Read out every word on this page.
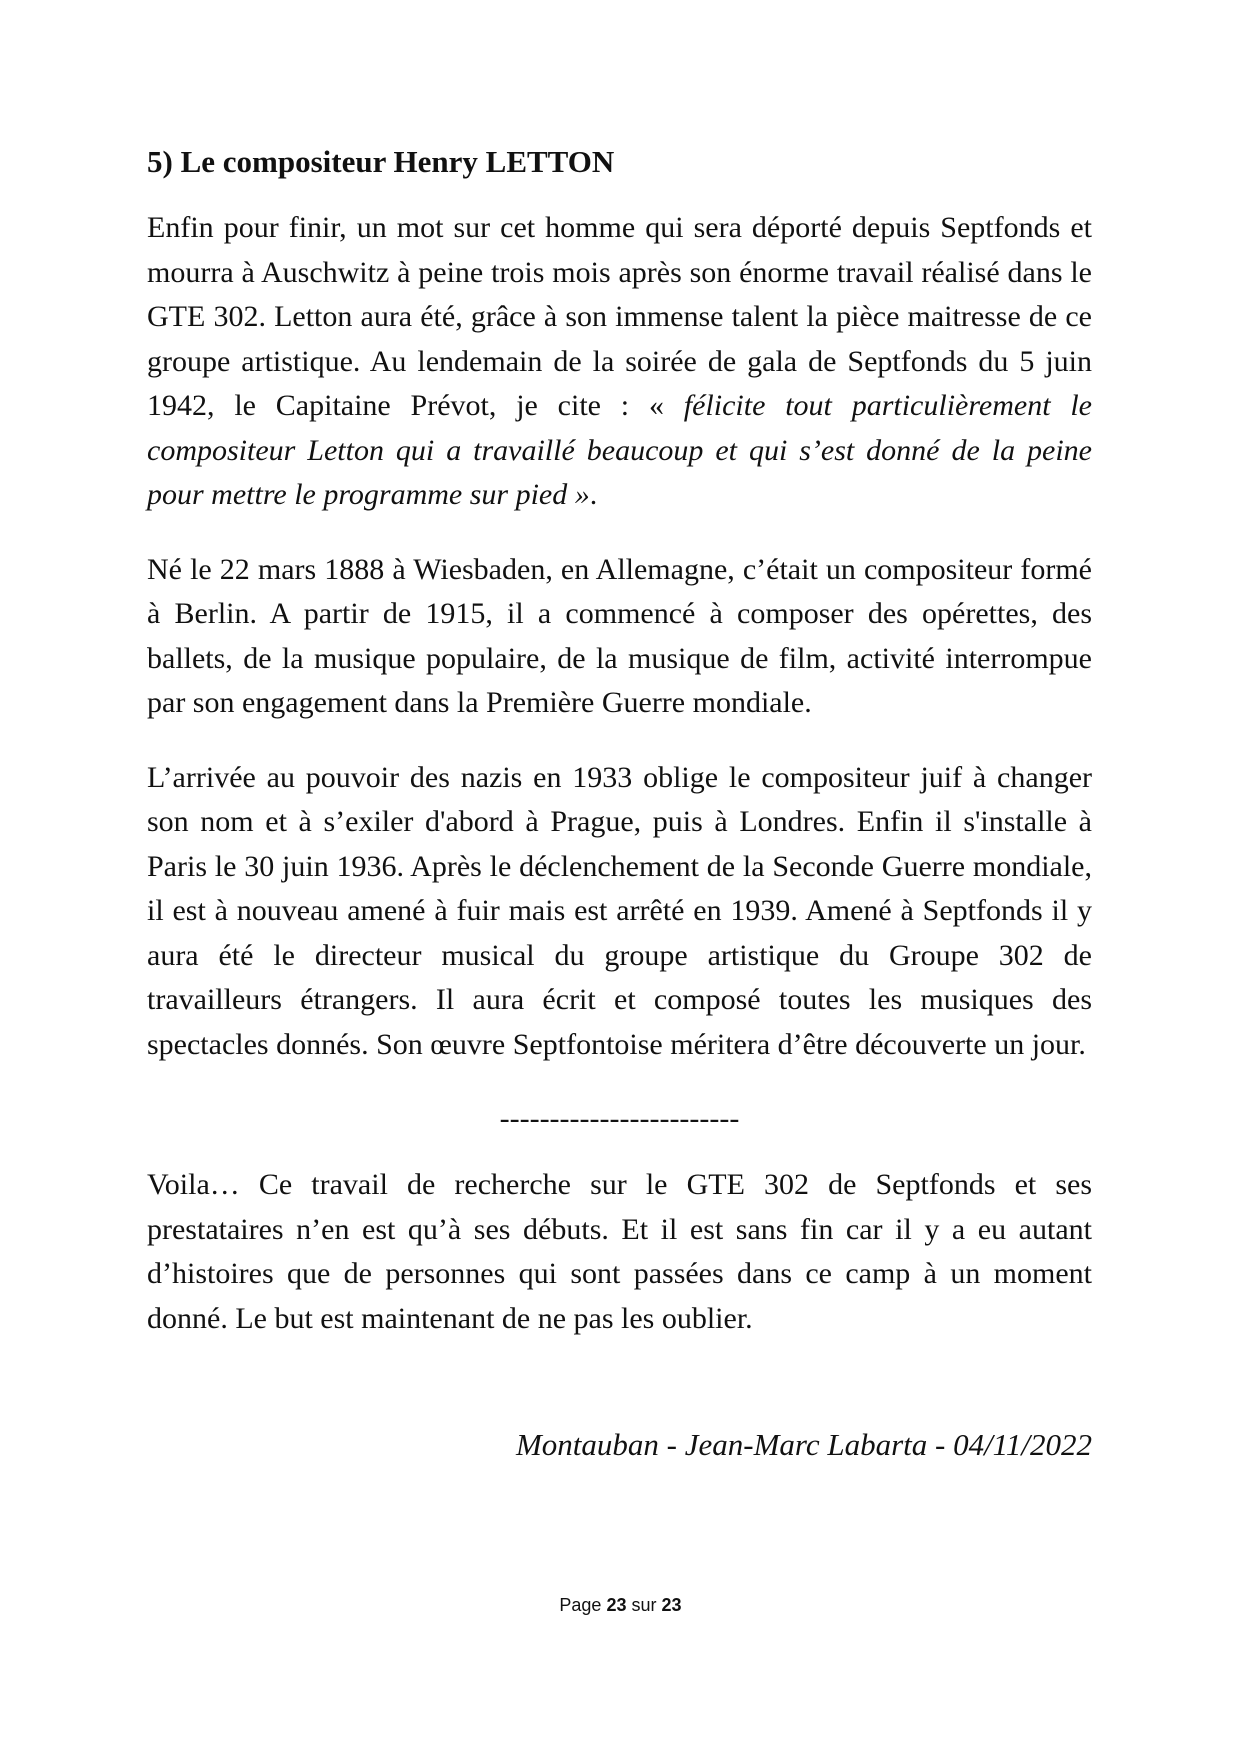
5) Le compositeur Henry LETTON

Enfin pour finir, un mot sur cet homme qui sera déporté depuis Septfonds et mourra à Auschwitz à peine trois mois après son énorme travail réalisé dans le GTE 302. Letton aura été, grâce à son immense talent la pièce maitresse de ce groupe artistique. Au lendemain de la soirée de gala de Septfonds du 5 juin 1942, le Capitaine Prévot, je cite : « félicite tout particulièrement le compositeur Letton qui a travaillé beaucoup et qui s’est donné de la peine pour mettre le programme sur pied ».

Né le 22 mars 1888 à Wiesbaden, en Allemagne, c’était un compositeur formé à Berlin. A partir de 1915, il a commencé à composer des opérettes, des ballets, de la musique populaire, de la musique de film, activité interrompue par son engagement dans la Première Guerre mondiale.

L’arrivée au pouvoir des nazis en 1933 oblige le compositeur juif à changer son nom et à s’exiler d'abord à Prague, puis à Londres. Enfin il s'installe à Paris le 30 juin 1936. Après le déclenchement de la Seconde Guerre mondiale, il est à nouveau amené à fuir mais est arrêté en 1939. Amené à Septfonds il y aura été le directeur musical du groupe artistique du Groupe 302 de travailleurs étrangers. Il aura écrit et composé toutes les musiques des spectacles donnés. Son œuvre Septfontoise méritera d’être découverte un jour.

------------------------

Voila… Ce travail de recherche sur le GTE 302 de Septfonds et ses prestataires n’en est qu’à ses débuts. Et il est sans fin car il y a eu autant d’histoires que de personnes qui sont passées dans ce camp à un moment donné. Le but est maintenant de ne pas les oublier.

Montauban - Jean-Marc Labarta - 04/11/2022
Page 23 sur 23
